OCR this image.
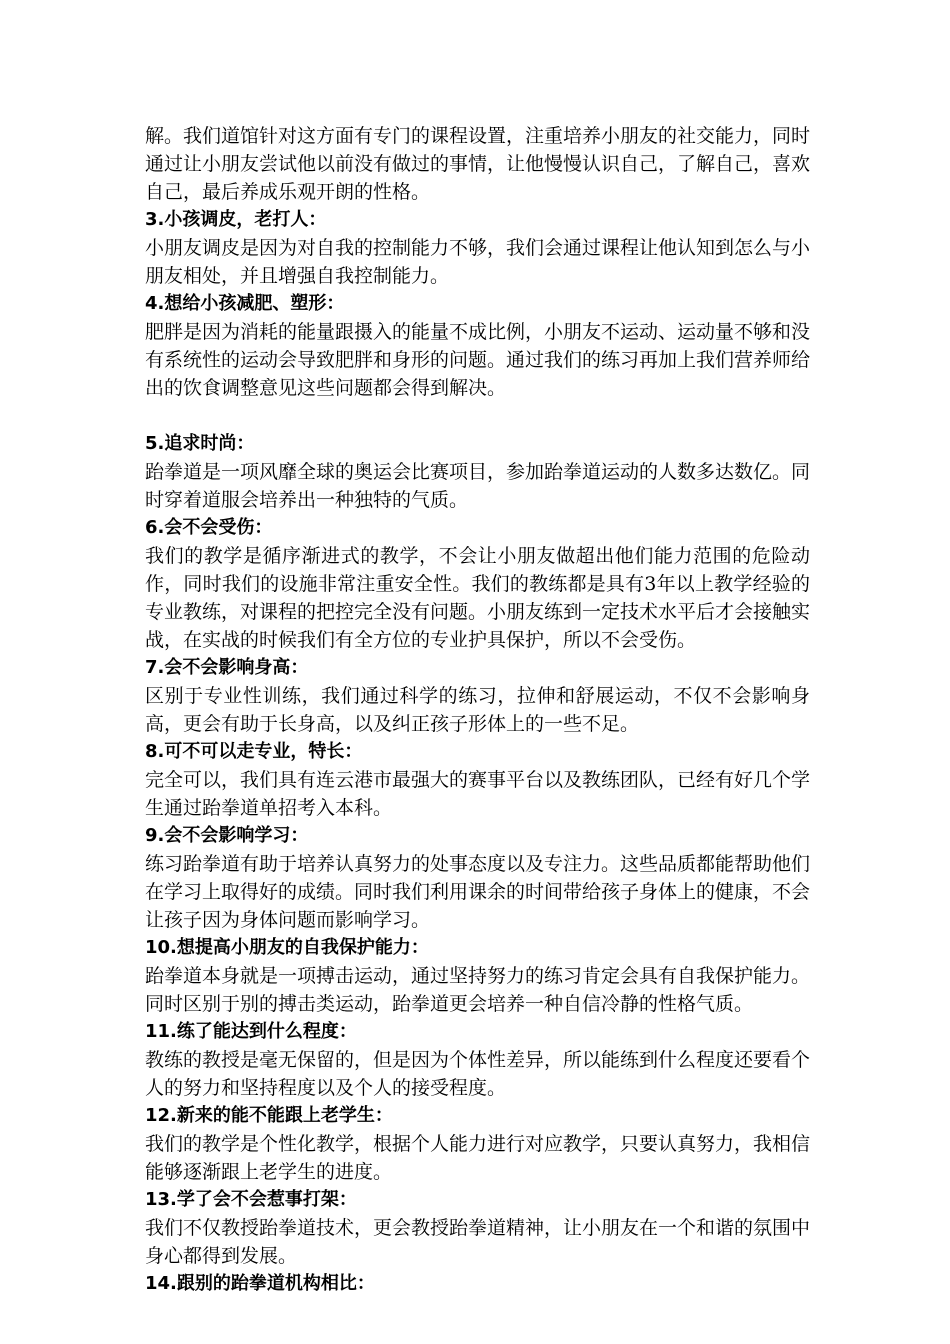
解。我们道馆针对这方面有专门的课程设置，注重培养小朋友的社交能力，同时通过让小朋友尝试他以前没有做过的事情，让他慢慢认识自己，了解自己，喜欢自己，最后养成乐观开朗的性格。

3.小孩调皮，老打人：

小朋友调皮是因为对自我的控制能力不够，我们会通过课程让他认知到怎么与小朋友相处，并且增强自我控制能力。

4.想给小孩减肥、塑形：

肥胖是因为消耗的能量跟摄入的能量不成比例，小朋友不运动、运动量不够和没有系统性的运动会导致肥胖和身形的问题。通过我们的练习再加上我们营养师给出的饮食调整意见这些问题都会得到解决。

5.追求时尚：

跆拳道是一项风靡全球的奥运会比赛项目，参加跆拳道运动的人数多达数亿。同时穿着道服会培养出一种独特的气质。

6.会不会受伤：

我们的教学是循序渐进式的教学，不会让小朋友做超出他们能力范围的危险动作，同时我们的设施非常注重安全性。我们的教练都是具有3年以上教学经验的专业教练，对课程的把控完全没有问题。小朋友练到一定技术水平后才会接触实战，在实战的时候我们有全方位的专业护具保护，所以不会受伤。

7.会不会影响身高：

区别于专业性训练，我们通过科学的练习，拉伸和舒展运动，不仅不会影响身高，更会有助于长身高，以及纠正孩子形体上的一些不足。

8.可不可以走专业，特长：

完全可以，我们具有连云港市最强大的赛事平台以及教练团队，已经有好几个学生通过跆拳道单招考入本科。

9.会不会影响学习：

练习跆拳道有助于培养认真努力的处事态度以及专注力。这些品质都能帮助他们在学习上取得好的成绩。同时我们利用课余的时间带给孩子身体上的健康，不会让孩子因为身体问题而影响学习。

10.想提高小朋友的自我保护能力：

跆拳道本身就是一项搏击运动，通过坚持努力的练习肯定会具有自我保护能力。同时区别于别的搏击类运动，跆拳道更会培养一种自信冷静的性格气质。

11.练了能达到什么程度：

教练的教授是毫无保留的，但是因为个体性差异，所以能练到什么程度还要看个人的努力和坚持程度以及个人的接受程度。

12.新来的能不能跟上老学生：

我们的教学是个性化教学，根据个人能力进行对应教学，只要认真努力，我相信能够逐渐跟上老学生的进度。

13.学了会不会惹事打架：

我们不仅教授跆拳道技术，更会教授跆拳道精神，让小朋友在一个和谐的氛围中身心都得到发展。

14.跟别的跆拳道机构相比：
